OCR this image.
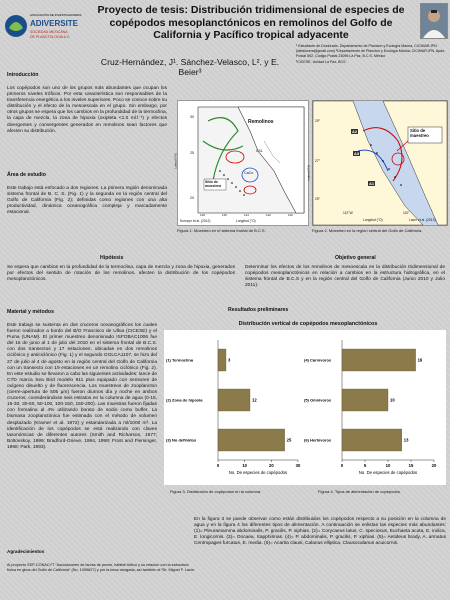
ASOCIACIÓN DE INVESTIGADORES
ADIVERSITE
SOCIEDAD MEXICANA
DE PLANCTOLOGIA A.C.
Proyecto de tesis: Distribución tridimensional de especies de copépodos mesoplanctónicos en remolinos del Golfo de California y Pacífico tropical adyacente
Cruz-Hernández, J¹. Sánchez-Velasco, L². y E. Beier³

¹ Estudiante de Doctorado. Departamento de Plancton y Ecología Marina, CICIMAR-IPN. (labdiocera@gmail.com) ²Departamento de Plancton y Ecología Marina, CICIMAR-IPN. Apdo. Postal 592, Código Postal 23096 La Paz, B.C.S. México

³CICESE. Unidad La Paz, BCS.

Introducción
Los copépodos son uno de los grupos más abundantes que ocupan los primeros niveles tróficos. Por esta característica son responsables de la transferencia energética a los niveles superiores. Poco se conoce sobre su distribución y el efecto de la mesoescala en el grupo. Sin embargo, por otros grupos se espera que los cambios en la profundidad de la termoclina, la capa de mezcla, la zona de hipoxia (oxipleta <1.0 ml.l⁻¹) y efectos divergentes y convergentes generados en remolinos sean factores que afecten su distribución.
Área de estudio
Este trabajo está enfocado a dos regiones. La primera región denominada sistema frontal de B. C. S. (Fig. 1) y la segunda en la región central del Golfo de California (Fig. 2); definidas como regiones con una alta productividad, dinámica oceanográfica compleja y marcadamente estacional.
Remolinos
CSL
Sitio de muestreo
CaCo
30
25
20
118	116	114	112	110
Latitud (°N)
Kurczyn et al. (2012)	Longitud (°O)
Figura 1. Muestreo en el sistema frontal de B.C.S.
Sitio de muestreo
A2
A3
A1
29°
27°
25°
112°W	110°
Latitud (°N)
Longitud (°O)	Lavín et al. (2013)
Figura 2. Muestreo en la región central del Golfo de California.
Hipótesis
Se espera que cambios en la profundidad de la termoclina, capa de mezcla y zona de hipoxia, generados por efectos del sentido de rotación de los remolinos, afecten la distribución de los copépodos mesoplanctónicos.
Objetivo general
Determinar los efectos de los remolinos de mesoescala en la distribución tridimensional de copépodos mesoplanctónicos en relación a cambios en la estructura hidrográfica, en el sistema frontal de B.C.S y en la región central del Golfo de California (Junio 2010 y Julio 2011).
Material y métodos
Este trabajo se sustenta en dos cruceros oceanográficos los cuales fueron realizados a bordo del B/O Francisco de Ulloa (CICESE) y el Puma (UNAM). El primer muestreo denominado ISFOBAC1006 fue del 15 de junio al 1 de julio del 2010 en el sistema frontal de B.C.S. con dos transectos y 17 estaciones, ubicadas en dos remolinos ciclónico y anticiclónico (Fig. 1) y el segundo GOLCA1107, se hizo del 27 de julio al 4 de agosto en la región central del Golfo de California con un transecto con 19 estaciones en un remolino ciclónico (Fig. 2). En este estudio se llevaron a cabo las siguientes actividades: lance de CTD marca Sea Bird modelo 911 plus equipado con sensores de oxígeno disuelto y de fluorescencia. Los muestreos de zooplancton (cierre-apertura de 505 μm) fueron diurnos día y noche en ambos cruceros, considerándose seis estratos en la columna de agua (0-15, 15-30, 30-50, 50-100, 100-150, 150-200). Las muestras fueron fijadas con formalina al 4% utilizando borato de sodio como buffer. La biomasa zooplanctónica fue estimada con el método de volumen desplazado (Kramer et al. 1972) y estandarizada a ml/1000 m³. La identificación de los copépodos se está realizando con claves taxonómicas de diferentes autores (Smith and Richarson, 1977; Boltovskoy, 1999; Bradford-Grieve, 1994, 1999; Frost and Fleminger, 1968; Park, 1993).
Resultados preliminares
Distribución vertical de copépodos mesoplanctónicos
0	10	20	30
3
(1) Termoclina
12
(2) Zona de hipoxia
25
(3) No definidos
No. De especies de copépodos
0	5	10	15	20
16
(4) Carnívoros
10
(5) Omnivoros
13
(6) Herbívoros
No. De especies de copépodos
Figura 3. Distribución de copépodos en la columna.	Figura 4. Tipos de alimentación de copépodos .
En la figura 3 se puede observar como están distribuidos los copépodos respecto a su posición en la columna de agua y en la figura 4 los diferentes tipos de alimentación. A continuación se enlistan las especies más abundantes: (1)= Pleuramamma abdominalis, P. gracilis, P. xiphias. (2)= Corycaeus latus, C. speciosus, Euchaeta acuta, E. indica, E. longicornis. (3)= Oncaea, Sapphirinas. (4)= P. abdominalis, P. gracilis, P. xiphias. (5)= Aetideus brady, A. armatus Centropages furcatus, E. media. (6)= Acartia clausi, Calanus elliptica, Clausocalanus acuicornis.
Agradecimientos
Al proyecto SEP-CONACYT "Asociaciones de larvas de peces, hábitat trófico y su relación con la estructura física en giros del Golfo de California" (No. 1059627) y por la beca otorgada, así también al ¹Dr. Miguel F. Lavín.
